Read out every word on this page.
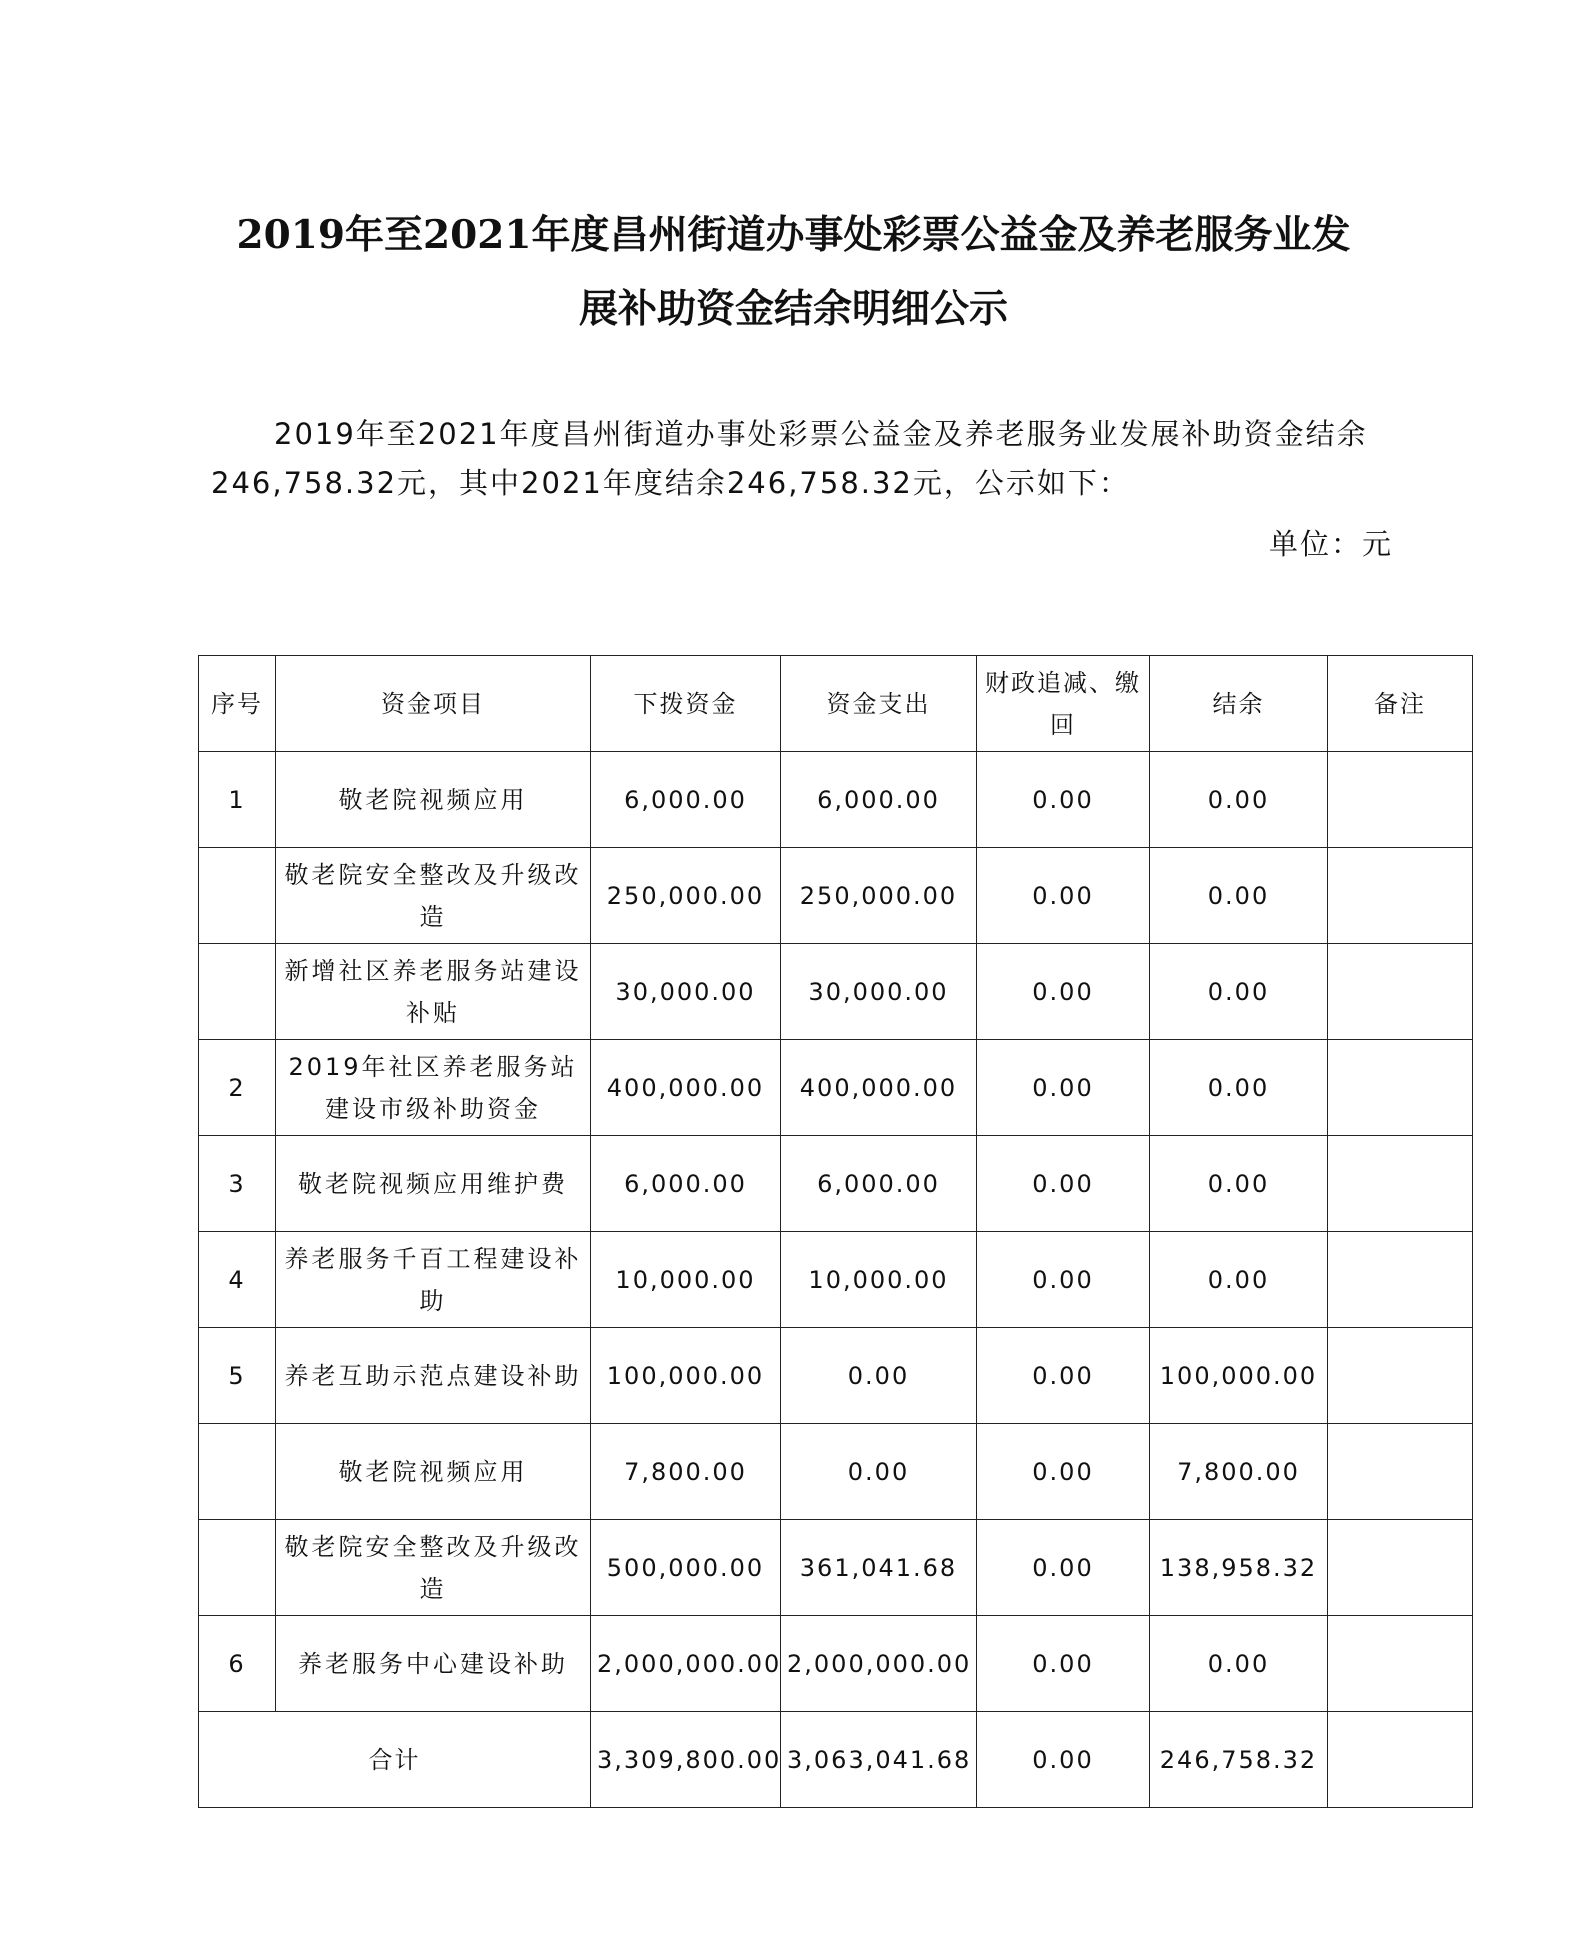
2019年至2021年度昌州街道办事处彩票公益金及养老服务业发
展补助资金结余明细公示

2019年至2021年度昌州街道办事处彩票公益金及养老服务业发展补助资金结余246,758.32元，其中2021年度结余246,758.32元，公示如下：

单位：元
序号	资金项目	下拨资金	资金支出	财政追减、缴回	结余	备注
1	敬老院视频应用	6,000.00	6,000.00	0.00	0.00	
	敬老院安全整改及升级改造	250,000.00	250,000.00	0.00	0.00	
	新增社区养老服务站建设补贴	30,000.00	30,000.00	0.00	0.00	
2	2019年社区养老服务站建设市级补助资金	400,000.00	400,000.00	0.00	0.00	
3	敬老院视频应用维护费	6,000.00	6,000.00	0.00	0.00	
4	养老服务千百工程建设补助	10,000.00	10,000.00	0.00	0.00	
5	养老互助示范点建设补助	100,000.00	0.00	0.00	100,000.00	
	敬老院视频应用	7,800.00	0.00	0.00	7,800.00	
	敬老院安全整改及升级改造	500,000.00	361,041.68	0.00	138,958.32	
6	养老服务中心建设补助	2,000,000.00	2,000,000.00	0.00	0.00	
合计		3,309,800.00	3,063,041.68	0.00	246,758.32	
